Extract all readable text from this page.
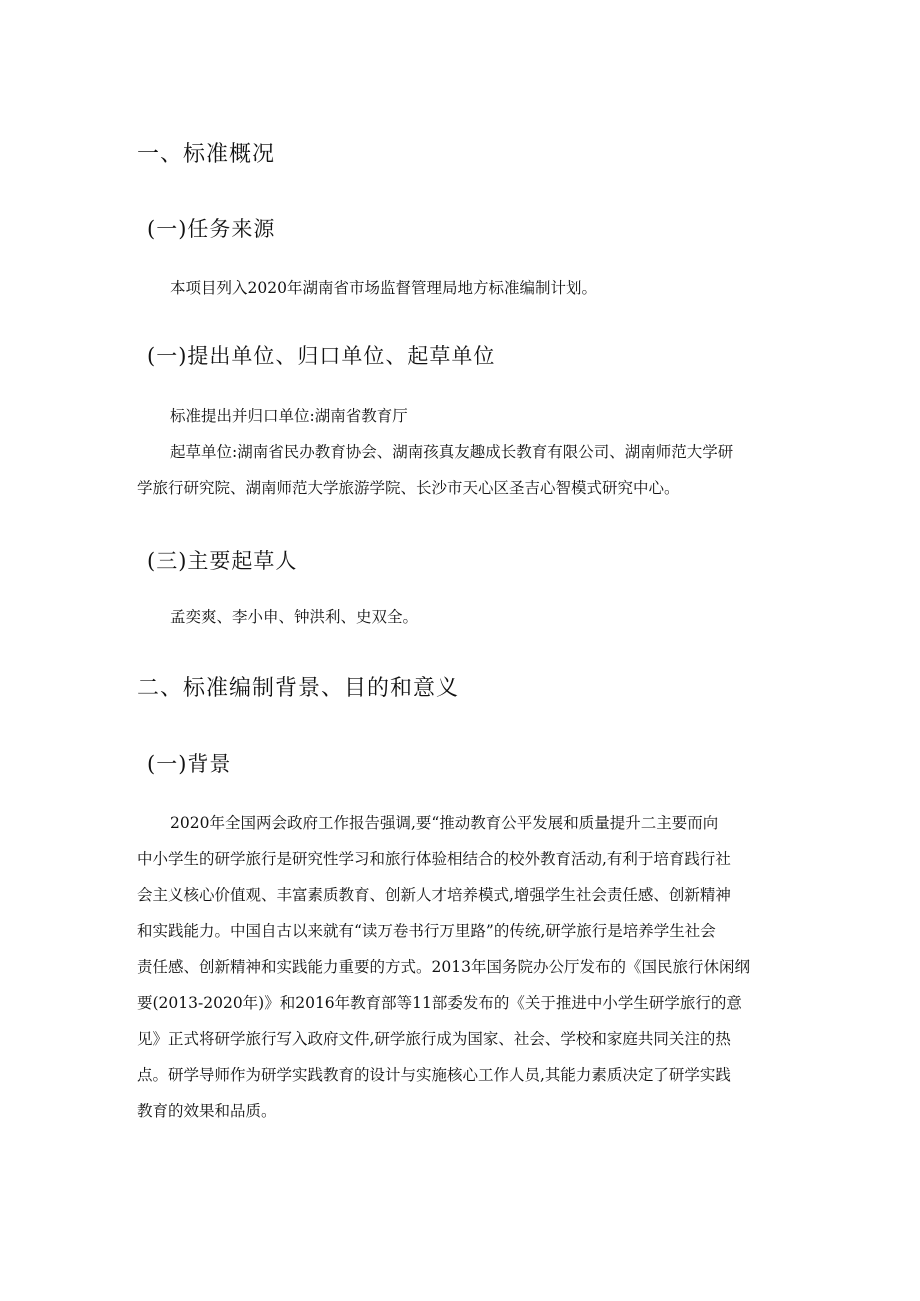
一、标准概况
(一)任务来源
本项目列入2020年湖南省市场监督管理局地方标准编制计划。
(一)提出单位、归口单位、起草单位
标准提出并归口单位:湖南省教育厅
起草单位:湖南省民办教育协会、湖南孩真友趣成长教育有限公司、湖南师范大学研
学旅行研究院、湖南师范大学旅游学院、长沙市天心区圣吉心智模式研究中心。
(三)主要起草人
孟奕爽、李小申、钟洪利、史双全。
二、标准编制背景、目的和意义
(一)背景
2020年全国两会政府工作报告强调,要“推动教育公平发展和质量提升二主要而向
中小学生的研学旅行是研究性学习和旅行体验相结合的校外教育活动,有利于培育践行社
会主义核心价值观、丰富素质教育、创新人才培养模式,增强学生社会责任感、创新精神
和实践能力。中国自古以来就有“读万卷书行万里路”的传统,研学旅行是培养学生社会
责任感、创新精神和实践能力重要的方式。2013年国务院办公厅发布的《国民旅行休闲纲
要(2013-2020年)》和2016年教育部等11部委发布的《关于推进中小学生研学旅行的意
见》正式将研学旅行写入政府文件,研学旅行成为国家、社会、学校和家庭共同关注的热
点。研学导师作为研学实践教育的设计与实施核心工作人员,其能力素质决定了研学实践
教育的效果和品质。
